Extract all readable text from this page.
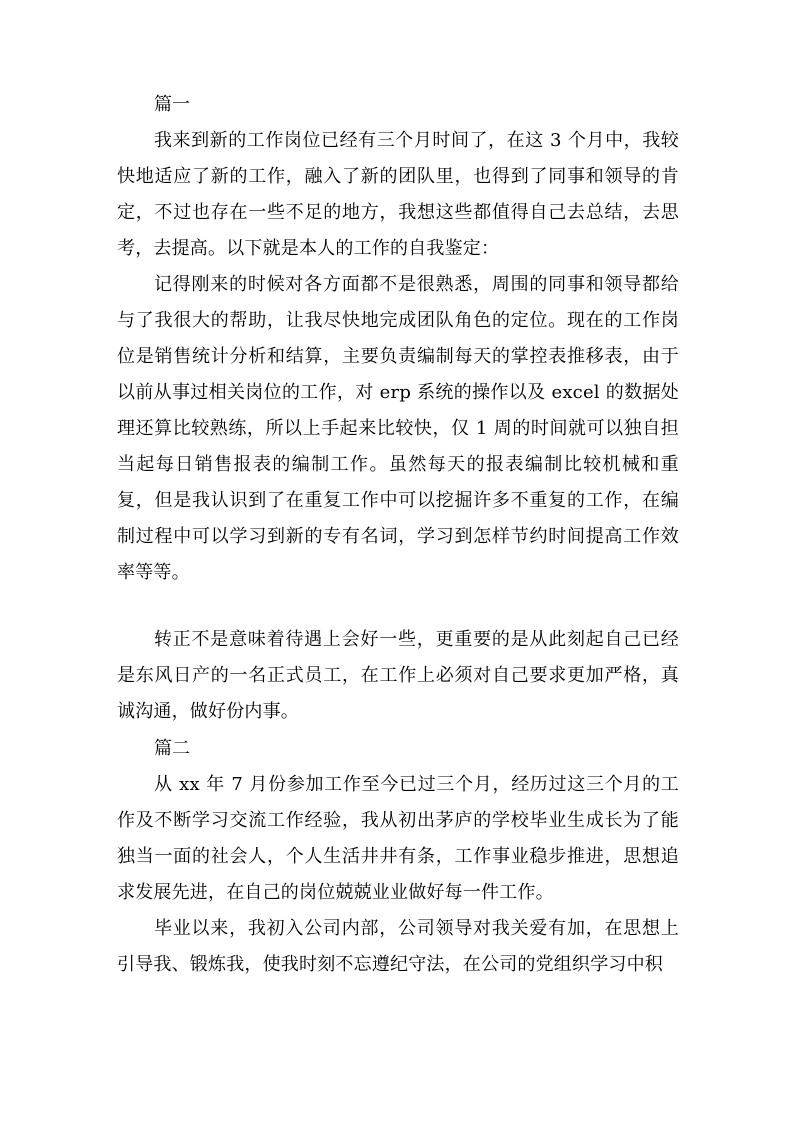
篇一

我来到新的工作岗位已经有三个月时间了，在这 3 个月中，我较快地适应了新的工作，融入了新的团队里，也得到了同事和领导的肯定，不过也存在一些不足的地方，我想这些都值得自己去总结，去思考，去提高。以下就是本人的工作的自我鉴定：

记得刚来的时候对各方面都不是很熟悉，周围的同事和领导都给与了我很大的帮助，让我尽快地完成团队角色的定位。现在的工作岗位是销售统计分析和结算，主要负责编制每天的掌控表推移表，由于以前从事过相关岗位的工作，对 erp 系统的操作以及 excel 的数据处理还算比较熟练，所以上手起来比较快，仅 1 周的时间就可以独自担当起每日销售报表的编制工作。虽然每天的报表编制比较机械和重复，但是我认识到了在重复工作中可以挖掘许多不重复的工作，在编制过程中可以学习到新的专有名词，学习到怎样节约时间提高工作效率等等。

转正不是意味着待遇上会好一些，更重要的是从此刻起自己已经是东风日产的一名正式员工，在工作上必须对自己要求更加严格，真诚沟通，做好份内事。

篇二

从 xx 年 7 月份参加工作至今已过三个月，经历过这三个月的工作及不断学习交流工作经验，我从初出茅庐的学校毕业生成长为了能独当一面的社会人，个人生活井井有条，工作事业稳步推进，思想追求发展先进，在自己的岗位兢兢业业做好每一件工作。

毕业以来，我初入公司内部，公司领导对我关爱有加，在思想上引导我、锻炼我，使我时刻不忘遵纪守法，在公司的党组织学习中积
